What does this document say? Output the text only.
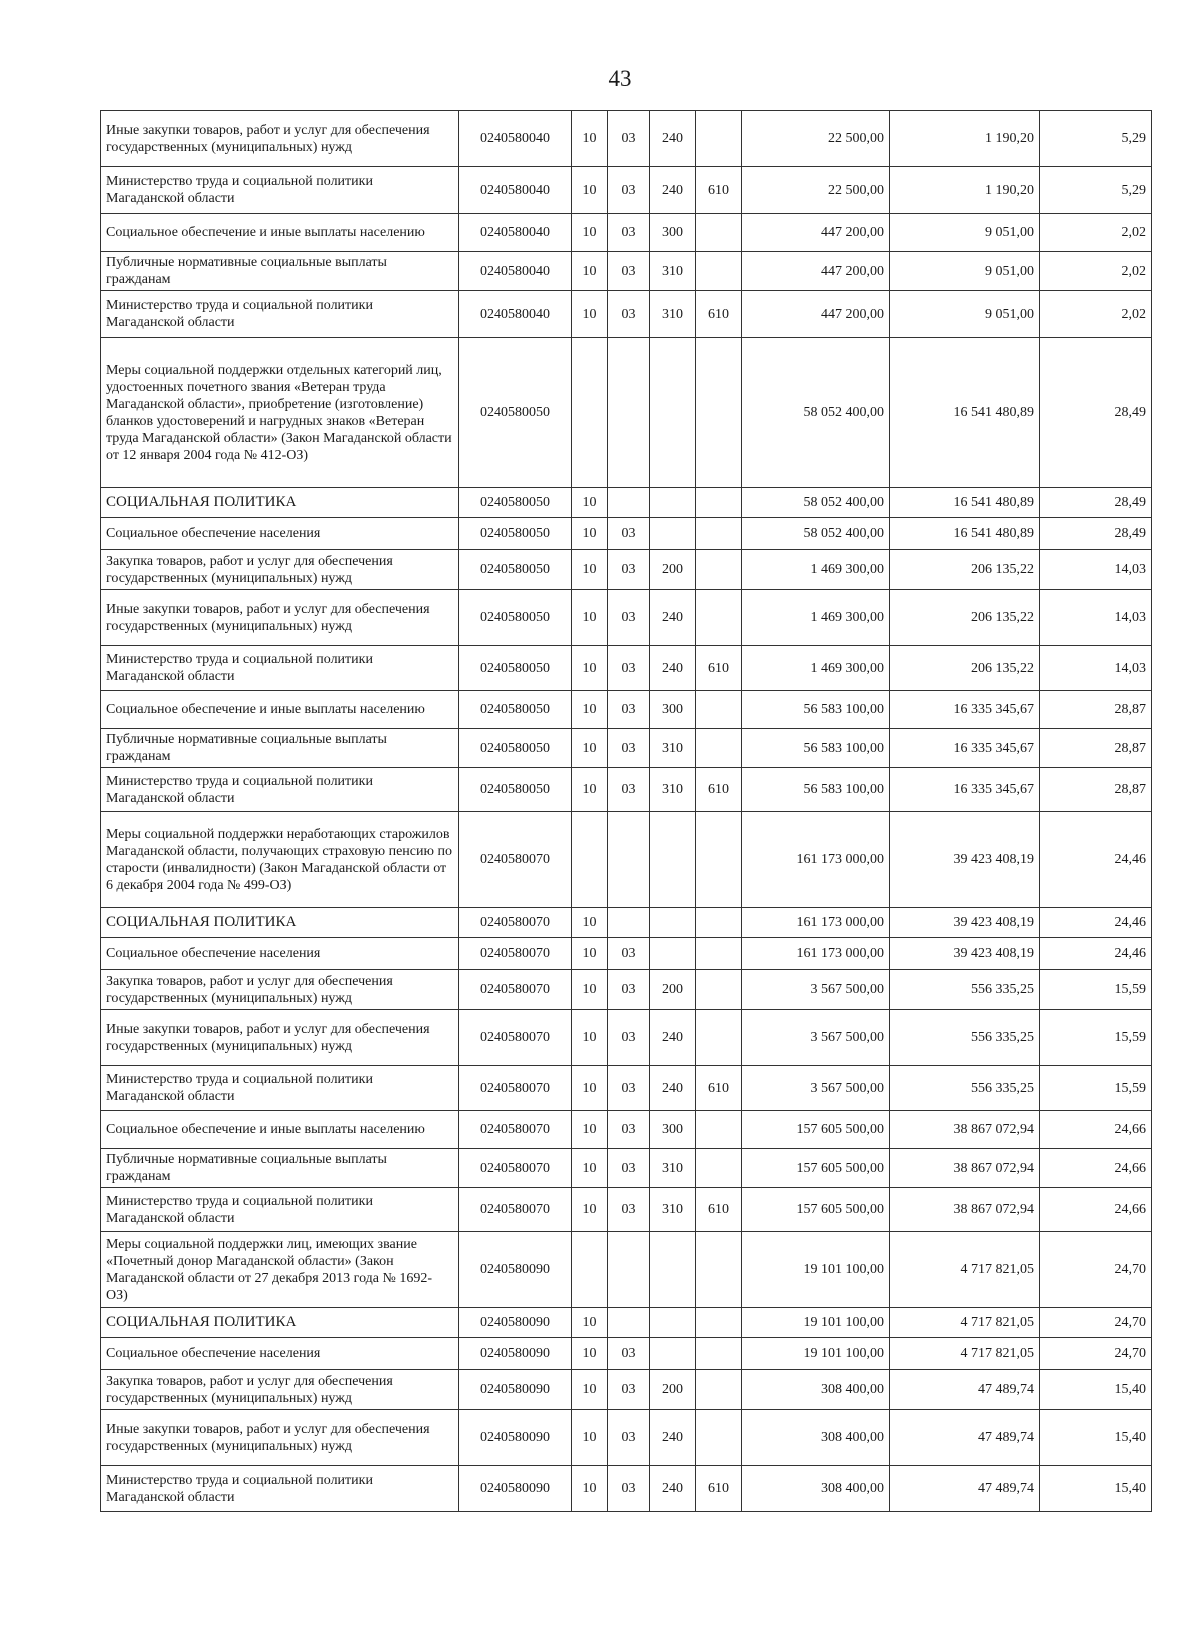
43
Иные закупки товаров, работ и услуг для обеспечения государственных (муниципальных) нужд	0240580040	10	03	240		22 500,00	1 190,20	5,29
Министерство труда и социальной политики Магаданской области	0240580040	10	03	240	610	22 500,00	1 190,20	5,29
Социальное обеспечение и иные выплаты населению	0240580040	10	03	300		447 200,00	9 051,00	2,02
Публичные нормативные социальные выплаты гражданам	0240580040	10	03	310		447 200,00	9 051,00	2,02
Министерство труда и социальной политики Магаданской области	0240580040	10	03	310	610	447 200,00	9 051,00	2,02
Меры социальной поддержки отдельных категорий лиц, удостоенных почетного звания «Ветеран труда Магаданской области», приобретение (изготовление) бланков удостоверений и нагрудных знаков «Ветеран труда Магаданской области» (Закон Магаданской области от 12 января 2004 года № 412-ОЗ)	0240580050					58 052 400,00	16 541 480,89	28,49
СОЦИАЛЬНАЯ ПОЛИТИКА	0240580050	10				58 052 400,00	16 541 480,89	28,49
Социальное обеспечение населения	0240580050	10	03			58 052 400,00	16 541 480,89	28,49
Закупка товаров, работ и услуг для обеспечения государственных (муниципальных) нужд	0240580050	10	03	200		1 469 300,00	206 135,22	14,03
Иные закупки товаров, работ и услуг для обеспечения государственных (муниципальных) нужд	0240580050	10	03	240		1 469 300,00	206 135,22	14,03
Министерство труда и социальной политики Магаданской области	0240580050	10	03	240	610	1 469 300,00	206 135,22	14,03
Социальное обеспечение и иные выплаты населению	0240580050	10	03	300		56 583 100,00	16 335 345,67	28,87
Публичные нормативные социальные выплаты гражданам	0240580050	10	03	310		56 583 100,00	16 335 345,67	28,87
Министерство труда и социальной политики Магаданской области	0240580050	10	03	310	610	56 583 100,00	16 335 345,67	28,87
Меры социальной поддержки неработающих старожилов Магаданской области, получающих страховую пенсию по старости (инвалидности) (Закон Магаданской области от 6 декабря 2004 года № 499-ОЗ)	0240580070					161 173 000,00	39 423 408,19	24,46
СОЦИАЛЬНАЯ ПОЛИТИКА	0240580070	10				161 173 000,00	39 423 408,19	24,46
Социальное обеспечение населения	0240580070	10	03			161 173 000,00	39 423 408,19	24,46
Закупка товаров, работ и услуг для обеспечения государственных (муниципальных) нужд	0240580070	10	03	200		3 567 500,00	556 335,25	15,59
Иные закупки товаров, работ и услуг для обеспечения государственных (муниципальных) нужд	0240580070	10	03	240		3 567 500,00	556 335,25	15,59
Министерство труда и социальной политики Магаданской области	0240580070	10	03	240	610	3 567 500,00	556 335,25	15,59
Социальное обеспечение и иные выплаты населению	0240580070	10	03	300		157 605 500,00	38 867 072,94	24,66
Публичные нормативные социальные выплаты гражданам	0240580070	10	03	310		157 605 500,00	38 867 072,94	24,66
Министерство труда и социальной политики Магаданской области	0240580070	10	03	310	610	157 605 500,00	38 867 072,94	24,66
Меры социальной поддержки лиц, имеющих звание «Почетный донор Магаданской области» (Закон Магаданской области от 27 декабря 2013 года № 1692-ОЗ)	0240580090					19 101 100,00	4 717 821,05	24,70
СОЦИАЛЬНАЯ ПОЛИТИКА	0240580090	10				19 101 100,00	4 717 821,05	24,70
Социальное обеспечение населения	0240580090	10	03			19 101 100,00	4 717 821,05	24,70
Закупка товаров, работ и услуг для обеспечения государственных (муниципальных) нужд	0240580090	10	03	200		308 400,00	47 489,74	15,40
Иные закупки товаров, работ и услуг для обеспечения государственных (муниципальных) нужд	0240580090	10	03	240		308 400,00	47 489,74	15,40
Министерство труда и социальной политики Магаданской области	0240580090	10	03	240	610	308 400,00	47 489,74	15,40
